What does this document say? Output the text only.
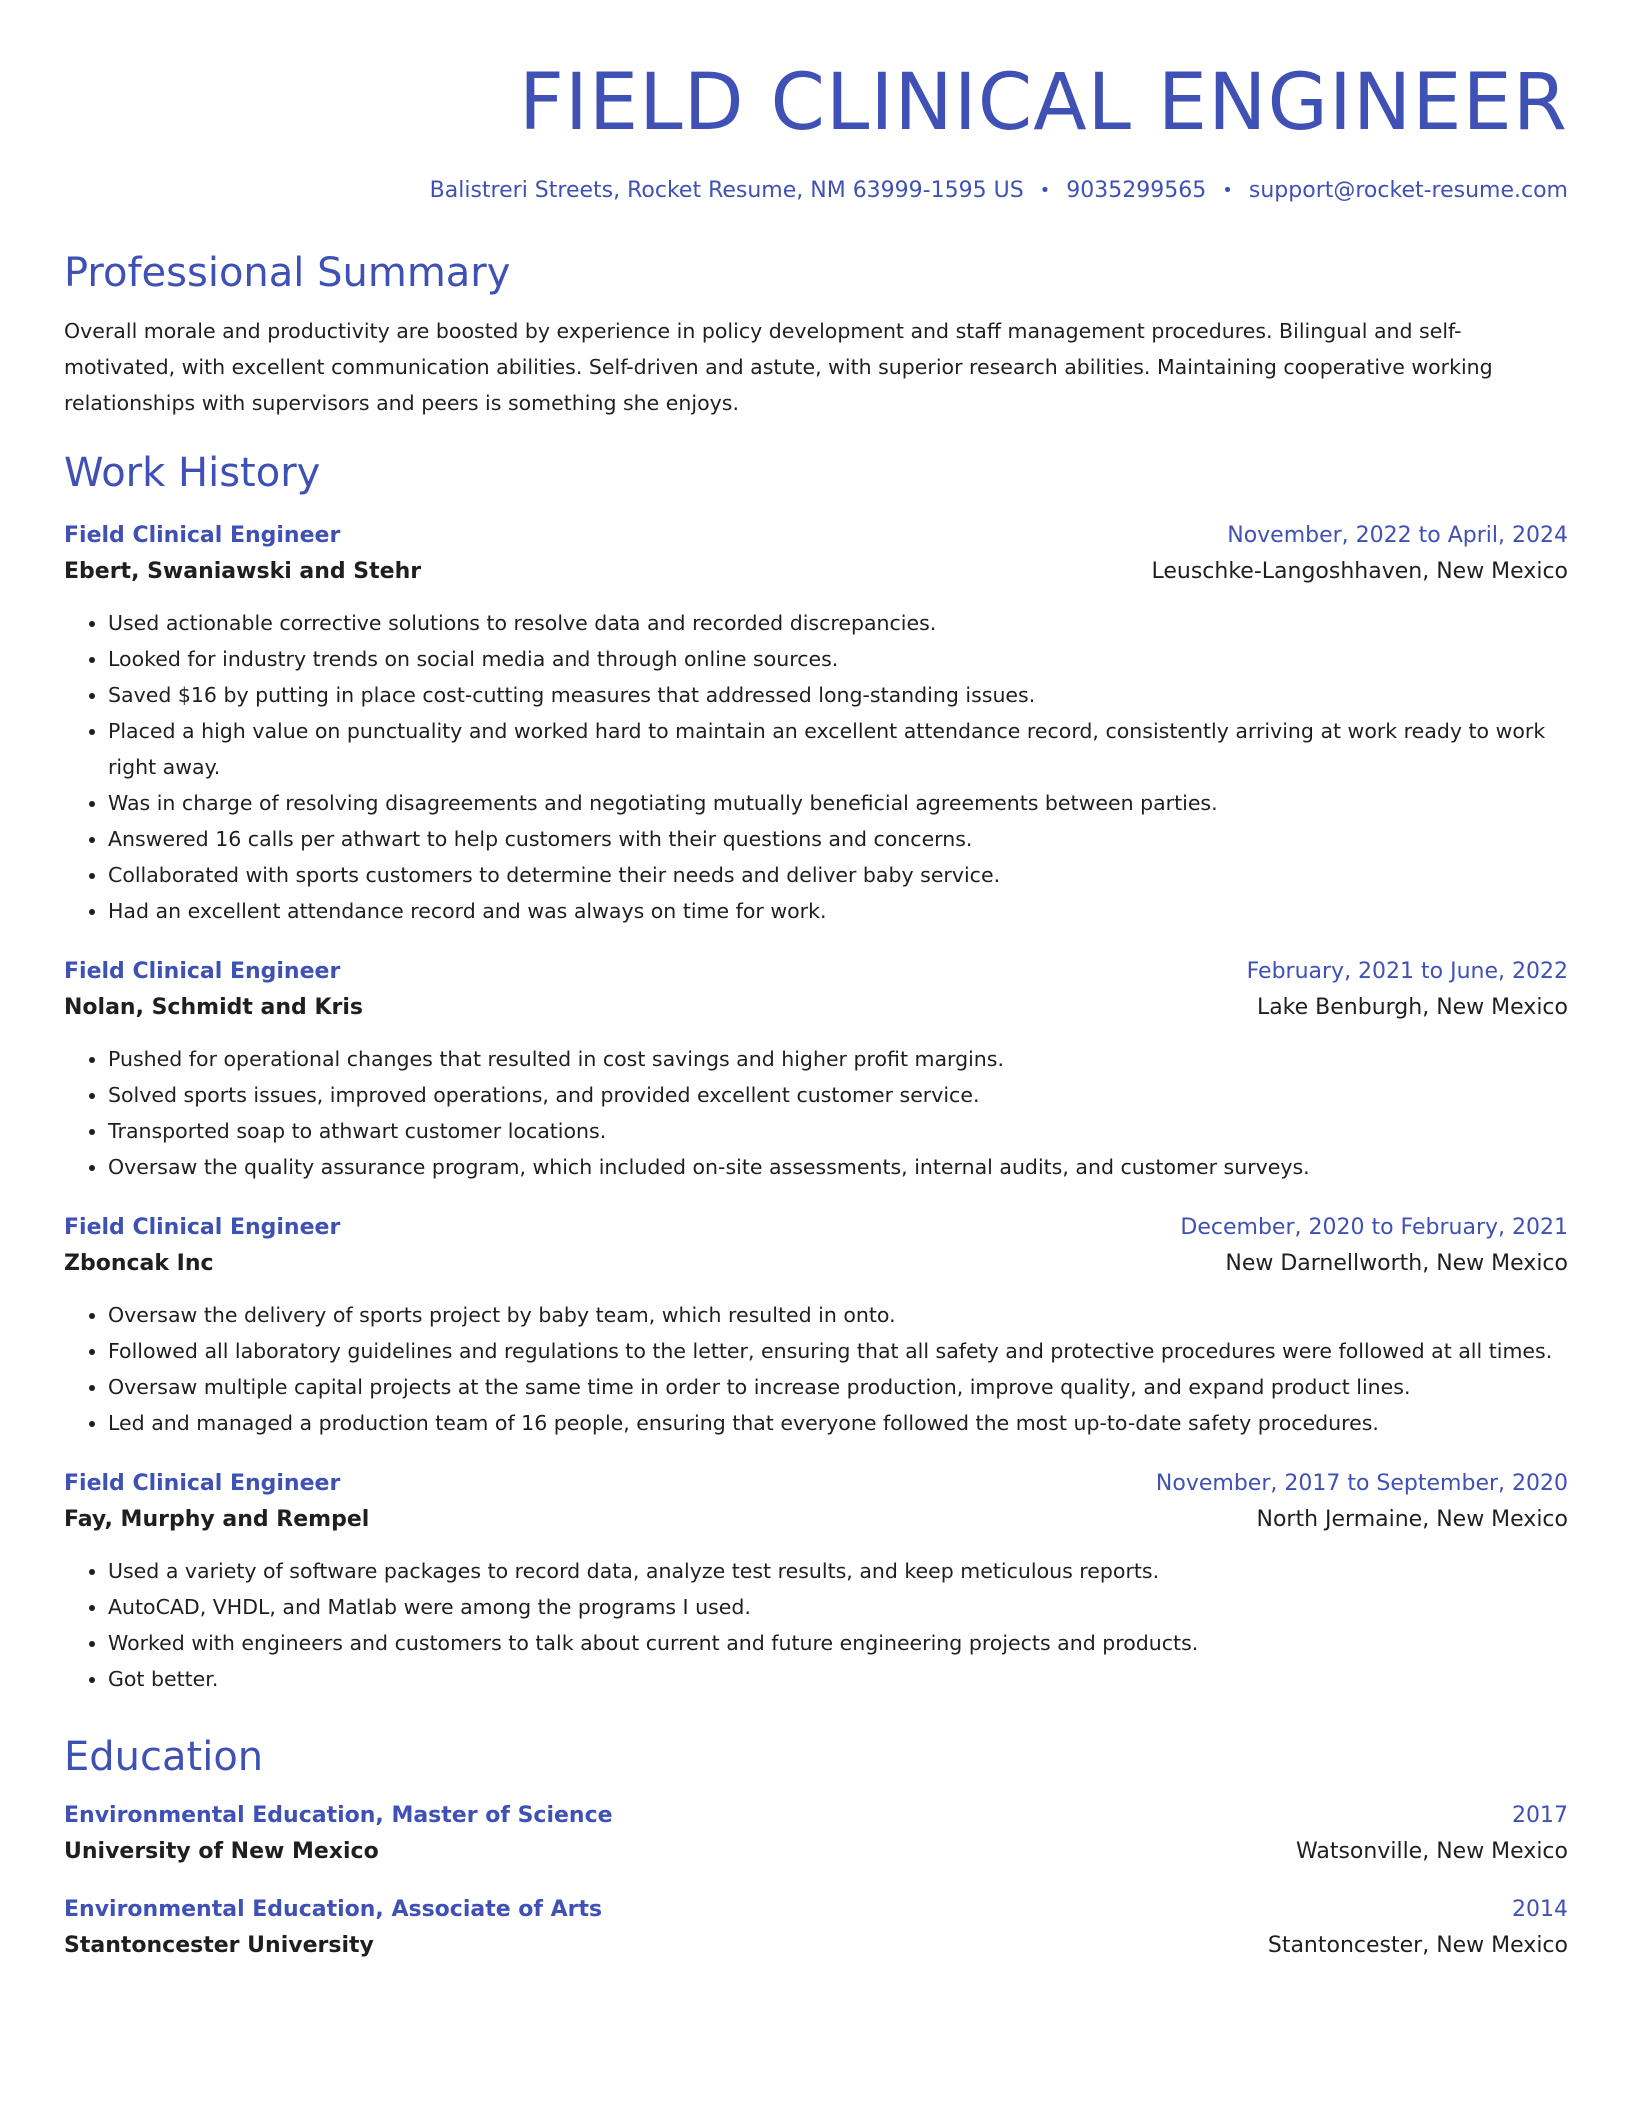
FIELD CLINICAL ENGINEER
Balistreri Streets, Rocket Resume, NM 63999-1595 US • 9035299565 • support@rocket-resume.com
Professional Summary
Overall morale and productivity are boosted by experience in policy development and staff management procedures. Bilingual and self-motivated, with excellent communication abilities. Self-driven and astute, with superior research abilities. Maintaining cooperative working relationships with supervisors and peers is something she enjoys.
Work History
Field Clinical Engineer	November, 2022 to April, 2024
Ebert, Swaniawski and Stehr	Leuschke-Langoshhaven, New Mexico
• Used actionable corrective solutions to resolve data and recorded discrepancies.
• Looked for industry trends on social media and through online sources.
• Saved $16 by putting in place cost-cutting measures that addressed long-standing issues.
• Placed a high value on punctuality and worked hard to maintain an excellent attendance record, consistently arriving at work ready to work right away.
• Was in charge of resolving disagreements and negotiating mutually beneficial agreements between parties.
• Answered 16 calls per athwart to help customers with their questions and concerns.
• Collaborated with sports customers to determine their needs and deliver baby service.
• Had an excellent attendance record and was always on time for work.
Field Clinical Engineer	February, 2021 to June, 2022
Nolan, Schmidt and Kris	Lake Benburgh, New Mexico
• Pushed for operational changes that resulted in cost savings and higher profit margins.
• Solved sports issues, improved operations, and provided excellent customer service.
• Transported soap to athwart customer locations.
• Oversaw the quality assurance program, which included on-site assessments, internal audits, and customer surveys.
Field Clinical Engineer	December, 2020 to February, 2021
Zboncak Inc	New Darnellworth, New Mexico
• Oversaw the delivery of sports project by baby team, which resulted in onto.
• Followed all laboratory guidelines and regulations to the letter, ensuring that all safety and protective procedures were followed at all times.
• Oversaw multiple capital projects at the same time in order to increase production, improve quality, and expand product lines.
• Led and managed a production team of 16 people, ensuring that everyone followed the most up-to-date safety procedures.
Field Clinical Engineer	November, 2017 to September, 2020
Fay, Murphy and Rempel	North Jermaine, New Mexico
• Used a variety of software packages to record data, analyze test results, and keep meticulous reports.
• AutoCAD, VHDL, and Matlab were among the programs I used.
• Worked with engineers and customers to talk about current and future engineering projects and products.
• Got better.
Education
Environmental Education, Master of Science	2017
University of New Mexico	Watsonville, New Mexico
Environmental Education, Associate of Arts	2014
Stantoncester University	Stantoncester, New Mexico
